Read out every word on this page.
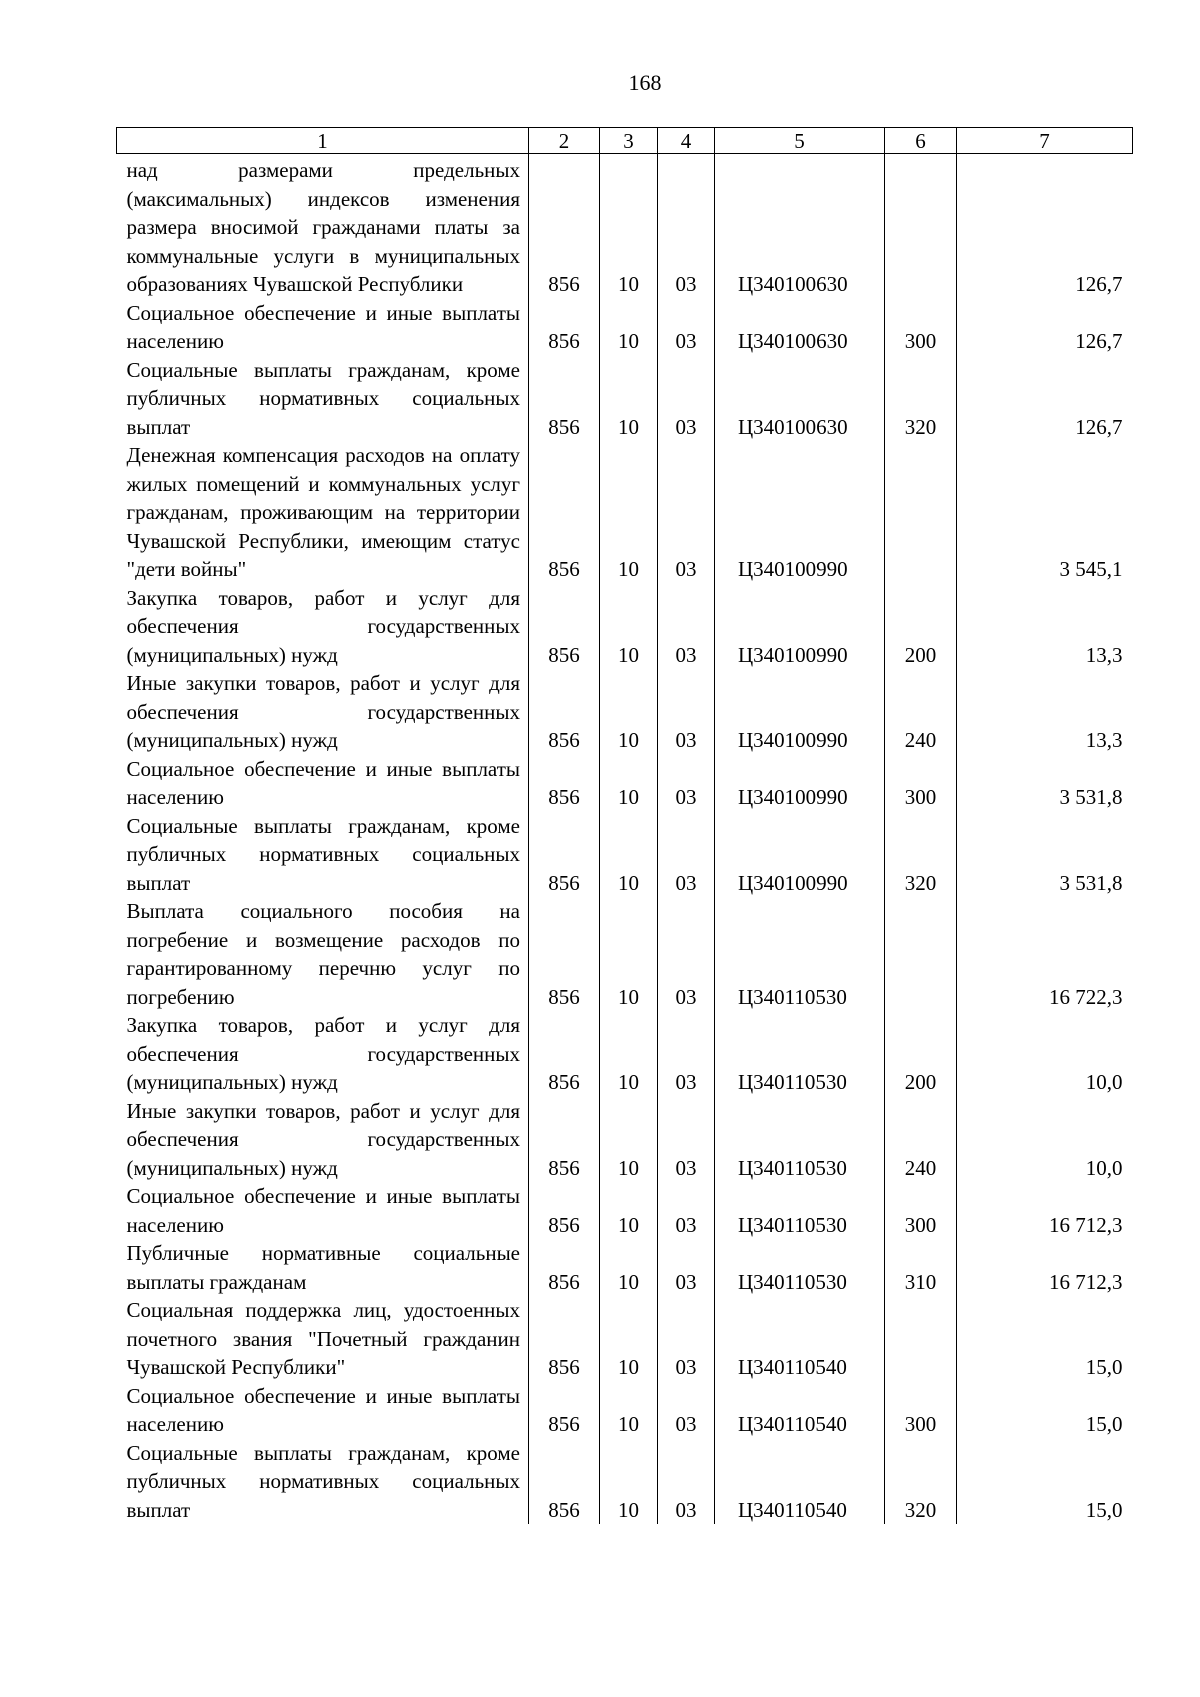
168
1	2	3	4	5	6	7
над размерами предельных (максимальных) индексов изменения размера вносимой гражданами платы за коммунальные услуги в муниципальных образованиях Чувашской Республики	856	10	03	Ц340100630		126,7
Социальное обеспечение и иные выплаты населению	856	10	03	Ц340100630	300	126,7
Социальные выплаты гражданам, кроме публичных нормативных социальных выплат	856	10	03	Ц340100630	320	126,7
Денежная компенсация расходов на оплату жилых помещений и коммунальных услуг гражданам, проживающим на территории Чувашской Республики, имеющим статус "дети войны"	856	10	03	Ц340100990		3 545,1
Закупка товаров, работ и услуг для обеспечения государственных (муниципальных) нужд	856	10	03	Ц340100990	200	13,3
Иные закупки товаров, работ и услуг для обеспечения государственных (муниципальных) нужд	856	10	03	Ц340100990	240	13,3
Социальное обеспечение и иные выплаты населению	856	10	03	Ц340100990	300	3 531,8
Социальные выплаты гражданам, кроме публичных нормативных социальных выплат	856	10	03	Ц340100990	320	3 531,8
Выплата социального пособия на погребение и возмещение расходов по гарантированному перечню услуг по погребению	856	10	03	Ц340110530		16 722,3
Закупка товаров, работ и услуг для обеспечения государственных (муниципальных) нужд	856	10	03	Ц340110530	200	10,0
Иные закупки товаров, работ и услуг для обеспечения государственных (муниципальных) нужд	856	10	03	Ц340110530	240	10,0
Социальное обеспечение и иные выплаты населению	856	10	03	Ц340110530	300	16 712,3
Публичные нормативные социальные выплаты гражданам	856	10	03	Ц340110530	310	16 712,3
Социальная поддержка лиц, удостоенных почетного звания "Почетный гражданин Чувашской Республики"	856	10	03	Ц340110540		15,0
Социальное обеспечение и иные выплаты населению	856	10	03	Ц340110540	300	15,0
Социальные выплаты гражданам, кроме публичных нормативных социальных выплат	856	10	03	Ц340110540	320	15,0
